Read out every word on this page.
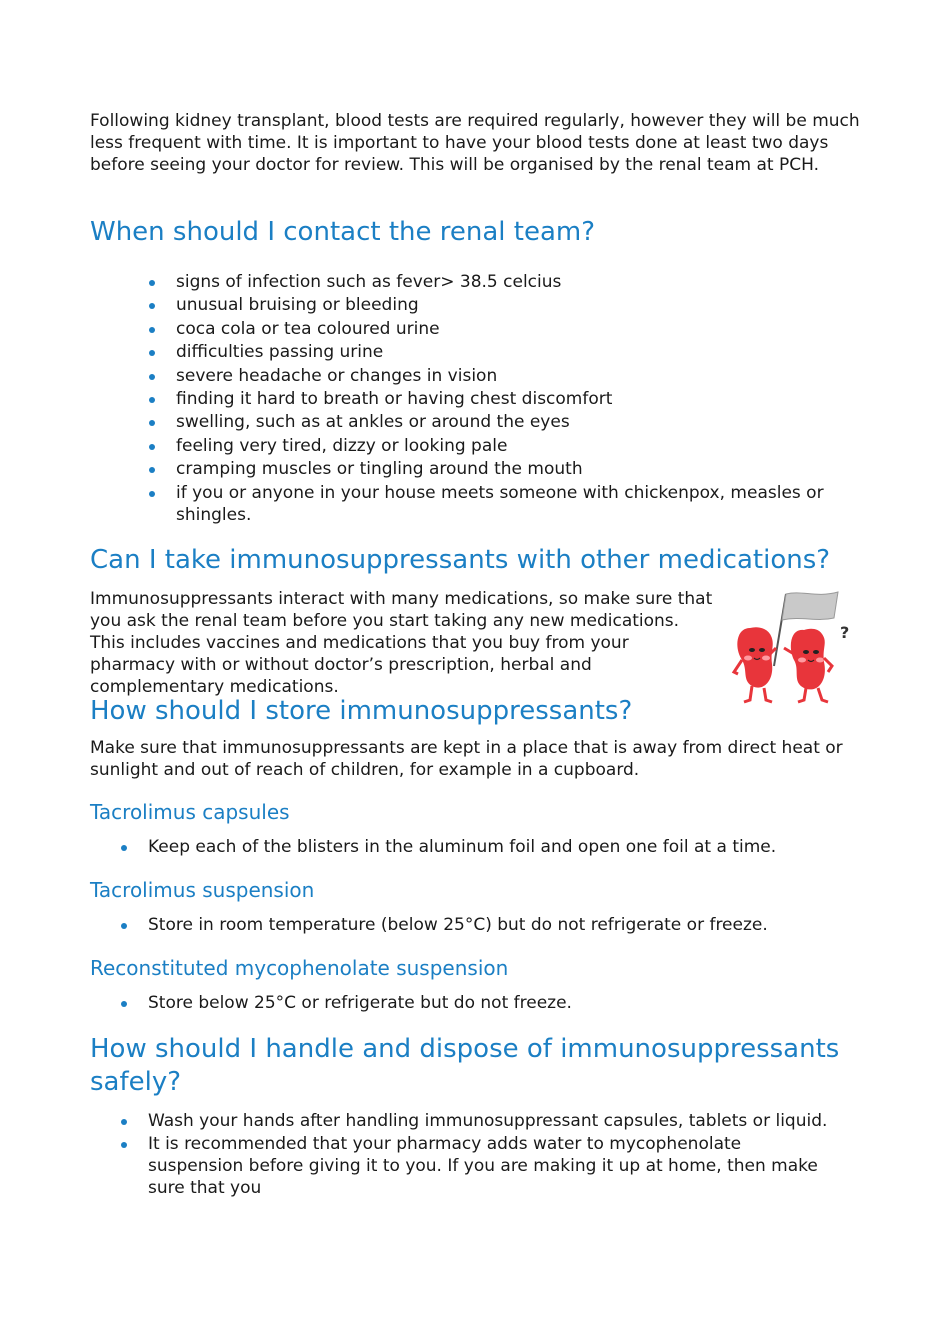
Following kidney transplant, blood tests are required regularly, however they will be much less frequent with time. It is important to have your blood tests done at least two days before seeing your doctor for review. This will be organised by the renal team at PCH.

When should I contact the renal team?
signs of infection such as fever> 38.5 celcius
unusual bruising or bleeding
coca cola or tea coloured urine
difficulties passing urine
severe headache or changes in vision
finding it hard to breath or having chest discomfort
swelling, such as at ankles or around the eyes
feeling very tired, dizzy or looking pale
cramping muscles or tingling around the mouth
if you or anyone in your house meets someone with chickenpox, measles or shingles.
Can I take immunosuppressants with other medications?

Immunosuppressants interact with many medications, so make sure that you ask the renal team before you start taking any new medications. This includes vaccines and medications that you buy from your pharmacy with or without doctor’s prescription, herbal and complementary medications.

?
How should I store immunosuppressants?

Make sure that immunosuppressants are kept in a place that is away from direct heat or sunlight and out of reach of children, for example in a cupboard.

Tacrolimus capsules
Keep each of the blisters in the aluminum foil and open one foil at a time.
Tacrolimus suspension
Store in room temperature (below 25°C) but do not refrigerate or freeze.
Reconstituted mycophenolate suspension
Store below 25°C or refrigerate but do not freeze.
How should I handle and dispose of immunosuppressants safely?
Wash your hands after handling immunosuppressant capsules, tablets or liquid.
It is recommended that your pharmacy adds water to mycophenolate suspension before giving it to you. If you are making it up at home, then make sure that you
